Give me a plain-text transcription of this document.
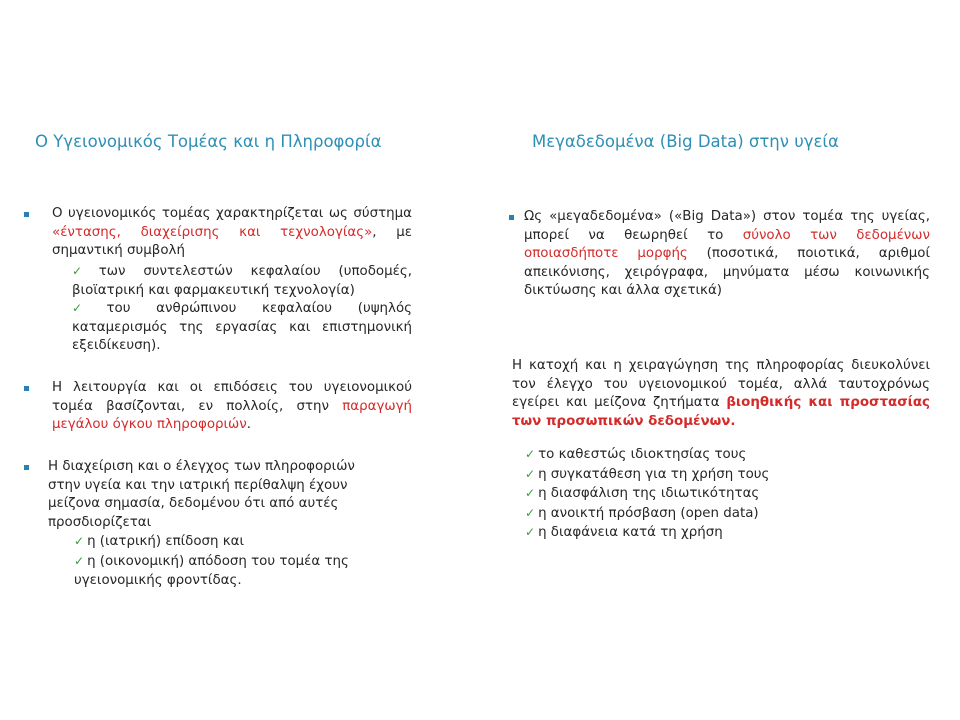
Ο Υγειονομικός Τομέας και η Πληροφορία
Ο υγειονομικός τομέας χαρακτηρίζεται ως σύστημα «έντασης, διαχείρισης και τεχνολογίας», με σημαντική συμβολή
✓ των συντελεστών κεφαλαίου (υποδομές, βιοϊατρική και φαρμακευτική τεχνολογία)
✓ του ανθρώπινου κεφαλαίου (υψηλός καταμερισμός της εργασίας και επιστημονική εξειδίκευση).
Η λειτουργία και οι επιδόσεις του υγειονομικού τομέα βασίζονται, εν πολλοίς, στην παραγωγή μεγάλου όγκου πληροφοριών.
Η διαχείριση και ο έλεγχος των πληροφοριών
στην υγεία και την ιατρική περίθαλψη έχουν
μείζονα σημασία, δεδομένου ότι από αυτές
προσδιορίζεται
✓ η (ιατρική) επίδοση και
✓ η (οικονομική) απόδοση του τομέα της
υγειονομικής φροντίδας.
Μεγαδεδομένα (Big Data) στην υγεία
Ως «μεγαδεδομένα» («Big Data») στον τομέα της υγείας, μπορεί να θεωρηθεί το σύνολο των δεδομένων οποιασδήποτε μορφής (ποσοτικά, ποιοτικά, αριθμοί απεικόνισης, χειρόγραφα, μηνύματα μέσω κοινωνικής δικτύωσης και άλλα σχετικά)
Η κατοχή και η χειραγώγηση της πληροφορίας διευκολύνει τον έλεγχο του υγειονομικού τομέα, αλλά ταυτοχρόνως εγείρει και μείζονα ζητήματα βιοηθικής και προστασίας των προσωπικών δεδομένων.
✓ το καθεστώς ιδιοκτησίας τους
✓ η συγκατάθεση για τη χρήση τους
✓ η διασφάλιση της ιδιωτικότητας
✓ η ανοικτή πρόσβαση (open data)
✓ η διαφάνεια κατά τη χρήση
